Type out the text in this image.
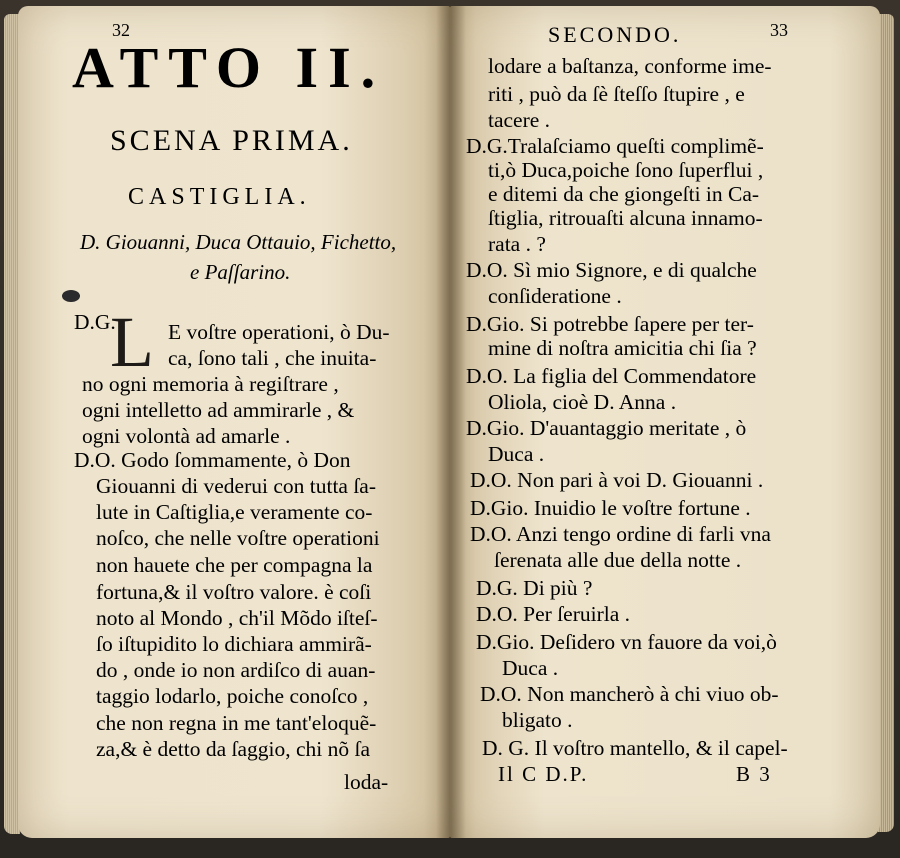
32
ATTO II.
SCENA PRIMA.
CASTIGLIA.
D. Giouanni, Duca Ottauio, Fichetto,
e Paſſarino.
D.G.
L E voſtre operationi, ò Du-
ca, ſono tali , che inuita-
no ogni memoria à regiſtrare ,
ogni intelletto ad ammirarle , &
ogni volontà ad amarle .
D.O. Godo ſommamente, ò Don
Giouanni di vederui con tutta ſa-
lute in Caſtiglia,e veramente co-
noſco, che nelle voſtre operationi
non hauete che per compagna la
fortuna,& il voſtro valore. è coſi
noto al Mondo , ch'il Mõdo iſteſ-
ſo iſtupidito lo dichiara ammirã-
do , onde io non ardiſco di auan-
taggio lodarlo, poiche conoſco ,
che non regna in me tant'eloquẽ-
za,& è detto da ſaggio, chi nõ ſa
loda-
SECONDO.	33
lodare a baſtanza, conforme ime-
riti , può da ſè ſteſſo ſtupire , e
tacere .
D.G.Tralaſciamo queſti complimẽ-
ti,ò Duca,poiche ſono ſuperflui ,
e ditemi da che giongeſti in Ca-
ſtiglia, ritrouaſti alcuna innamo-
rata . ?
D.O. Sì mio Signore, e di qualche
conſideratione .
D.Gio. Si potrebbe ſapere per ter-
mine di noſtra amicitia chi ſia ?
D.O. La figlia del Commendatore
Oliola, cioè D. Anna .
D.Gio. D'auantaggio meritate , ò
Duca .
D.O. Non pari à voi D. Giouanni .
D.Gio. Inuidio le voſtre fortune .
D.O. Anzi tengo ordine di farli vna
ſerenata alle due della notte .
D.G. Di più ?
D.O. Per ſeruirla .
D.Gio. Deſidero vn fauore da voi,ò
Duca .
D.O. Non mancherò à chi viuo ob-
bligato .
D. G. Il voſtro mantello, & il capel-
Il C D.P.	B 3
